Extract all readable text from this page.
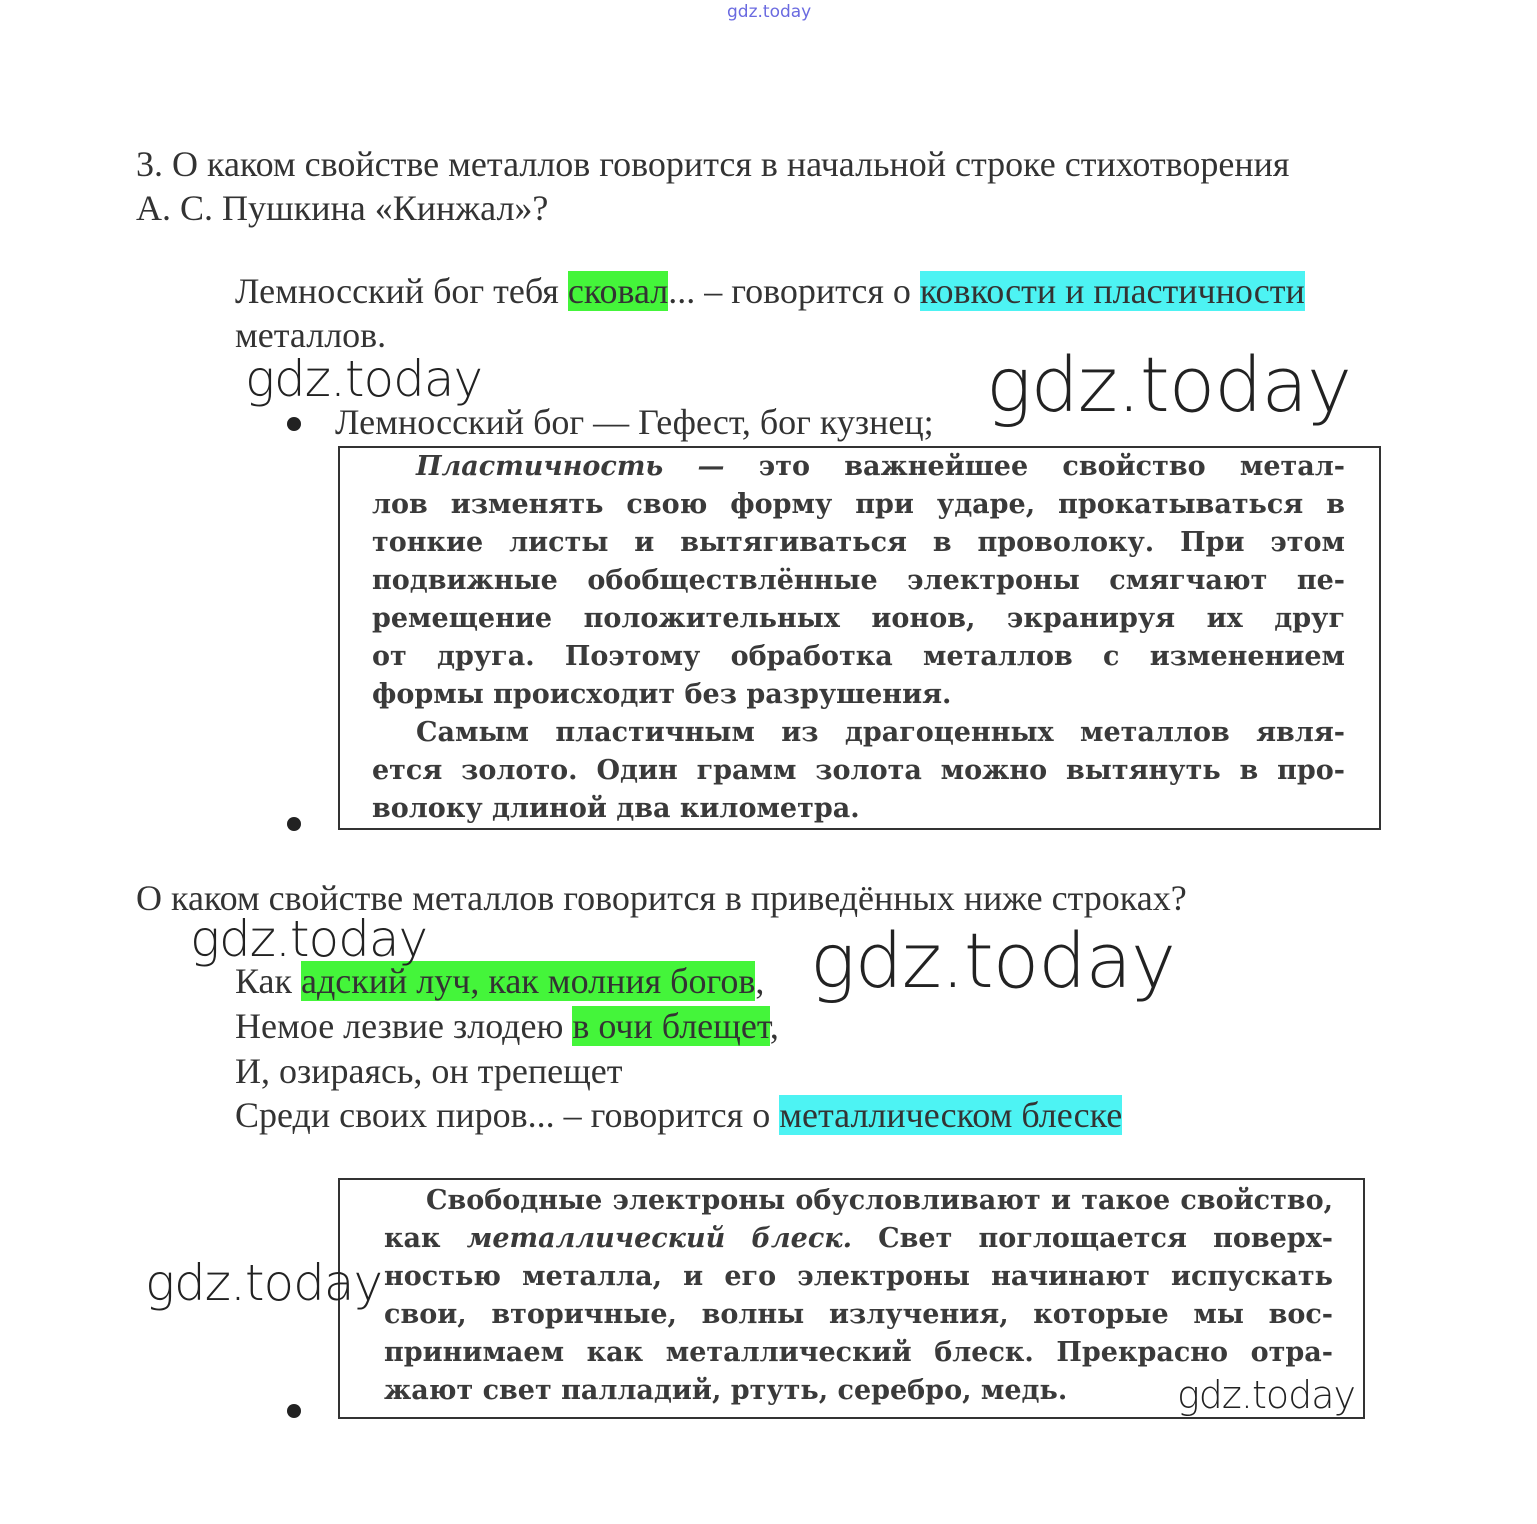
gdz.today
3. О каком свойстве металлов говорится в начальной строке стихотворения
А. С. Пушкина «Кинжал»?
Лемносский бог тебя сковал... – говорится о ковкости и пластичности
металлов.
Лемносский бог — Гефест, бог кузнец;
Пластичность — это важнейшее свойство метал-
лов изменять свою форму при ударе, прокатываться в
тонкие листы и вытягиваться в проволоку. При этом
подвижные обобществлённые электроны смягчают пе-
ремещение положительных ионов, экранируя их друг
от друга. Поэтому обработка металлов с изменением
формы происходит без разрушения.
Самым пластичным из драгоценных металлов явля-
ется золото. Один грамм золота можно вытянуть в про-
волоку длиной два километра.
О каком свойстве металлов говорится в приведённых ниже строках?
Как адский луч, как молния богов,
Немое лезвие злодею в очи блещет,
И, озираясь, он трепещет
Среди своих пиров... – говорится о металлическом блеске
Свободные электроны обусловливают и такое свойство,
как металлический блеск. Свет поглощается поверх-
ностью металла, и его электроны начинают испускать
свои, вторичные, волны излучения, которые мы вос-
принимаем как металлический блеск. Прекрасно отра-
жают свет палладий, ртуть, серебро, медь.
gdz.today	gdz.today
gdz.today	gdz.today
gdz.today
gdz.today
